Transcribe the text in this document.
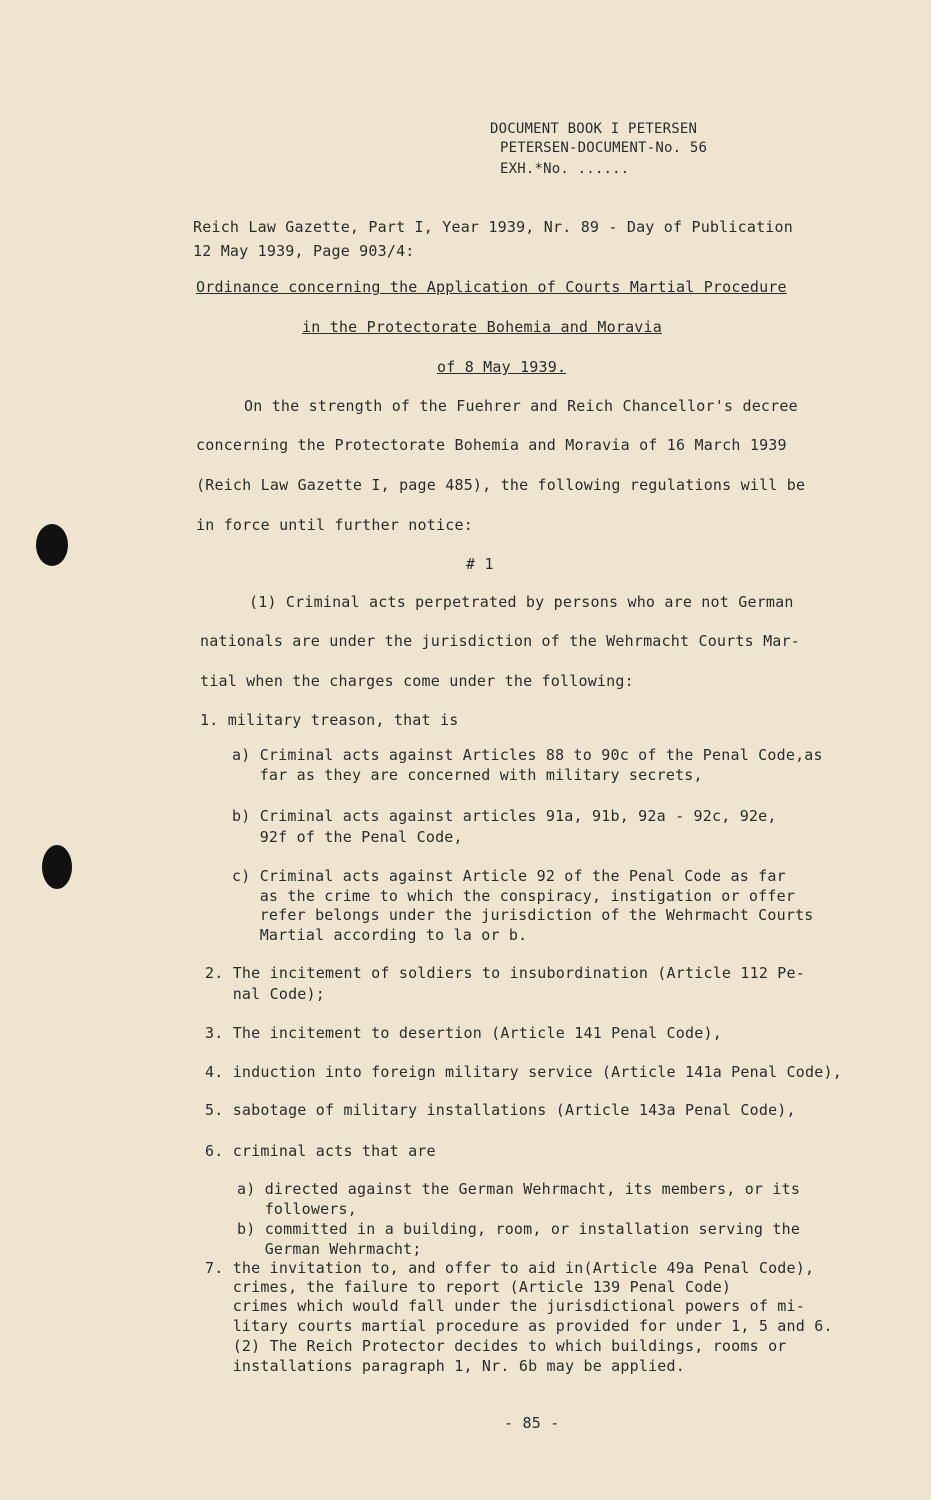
DOCUMENT BOOK I PETERSEN
PETERSEN-DOCUMENT-No. 56
EXH.*No. ......
Reich Law Gazette, Part I, Year 1939, Nr. 89 - Day of Publication
12 May 1939, Page 903/4:
Ordinance concerning the Application of Courts Martial Procedure
in the Protectorate Bohemia and Moravia
of 8 May 1939.
On the strength of the Fuehrer and Reich Chancellor's decree
concerning the Protectorate Bohemia and Moravia of 16 March 1939
(Reich Law Gazette I, page 485), the following regulations will be
in force until further notice:
# 1
(1) Criminal acts perpetrated by persons who are not German
nationals are under the jurisdiction of the Wehrmacht Courts Mar-
tial when the charges come under the following:
1. military treason, that is
a) Criminal acts against Articles 88 to 90c of the Penal Code,as
far as they are concerned with military secrets,
b) Criminal acts against articles 91a, 91b, 92a - 92c, 92e,
92f of the Penal Code,
c) Criminal acts against Article 92 of the Penal Code as far
as the crime to which the conspiracy, instigation or offer
refer belongs under the jurisdiction of the Wehrmacht Courts
Martial according to la or b.
2. The incitement of soldiers to insubordination (Article 112 Pe-
nal Code);
3. The incitement to desertion (Article 141 Penal Code),
4. induction into foreign military service (Article 141a Penal Code),
5. sabotage of military installations (Article 143a Penal Code),
6. criminal acts that are
a) directed against the German Wehrmacht, its members, or its
followers,
b) committed in a building, room, or installation serving the
German Wehrmacht;
7. the invitation to, and offer to aid in(Article 49a Penal Code),
crimes, the failure to report (Article 139 Penal Code)
crimes which would fall under the jurisdictional powers of mi-
litary courts martial procedure as provided for under 1, 5 and 6.
(2) The Reich Protector decides to which buildings, rooms or
installations paragraph 1, Nr. 6b may be applied.
- 85 -
